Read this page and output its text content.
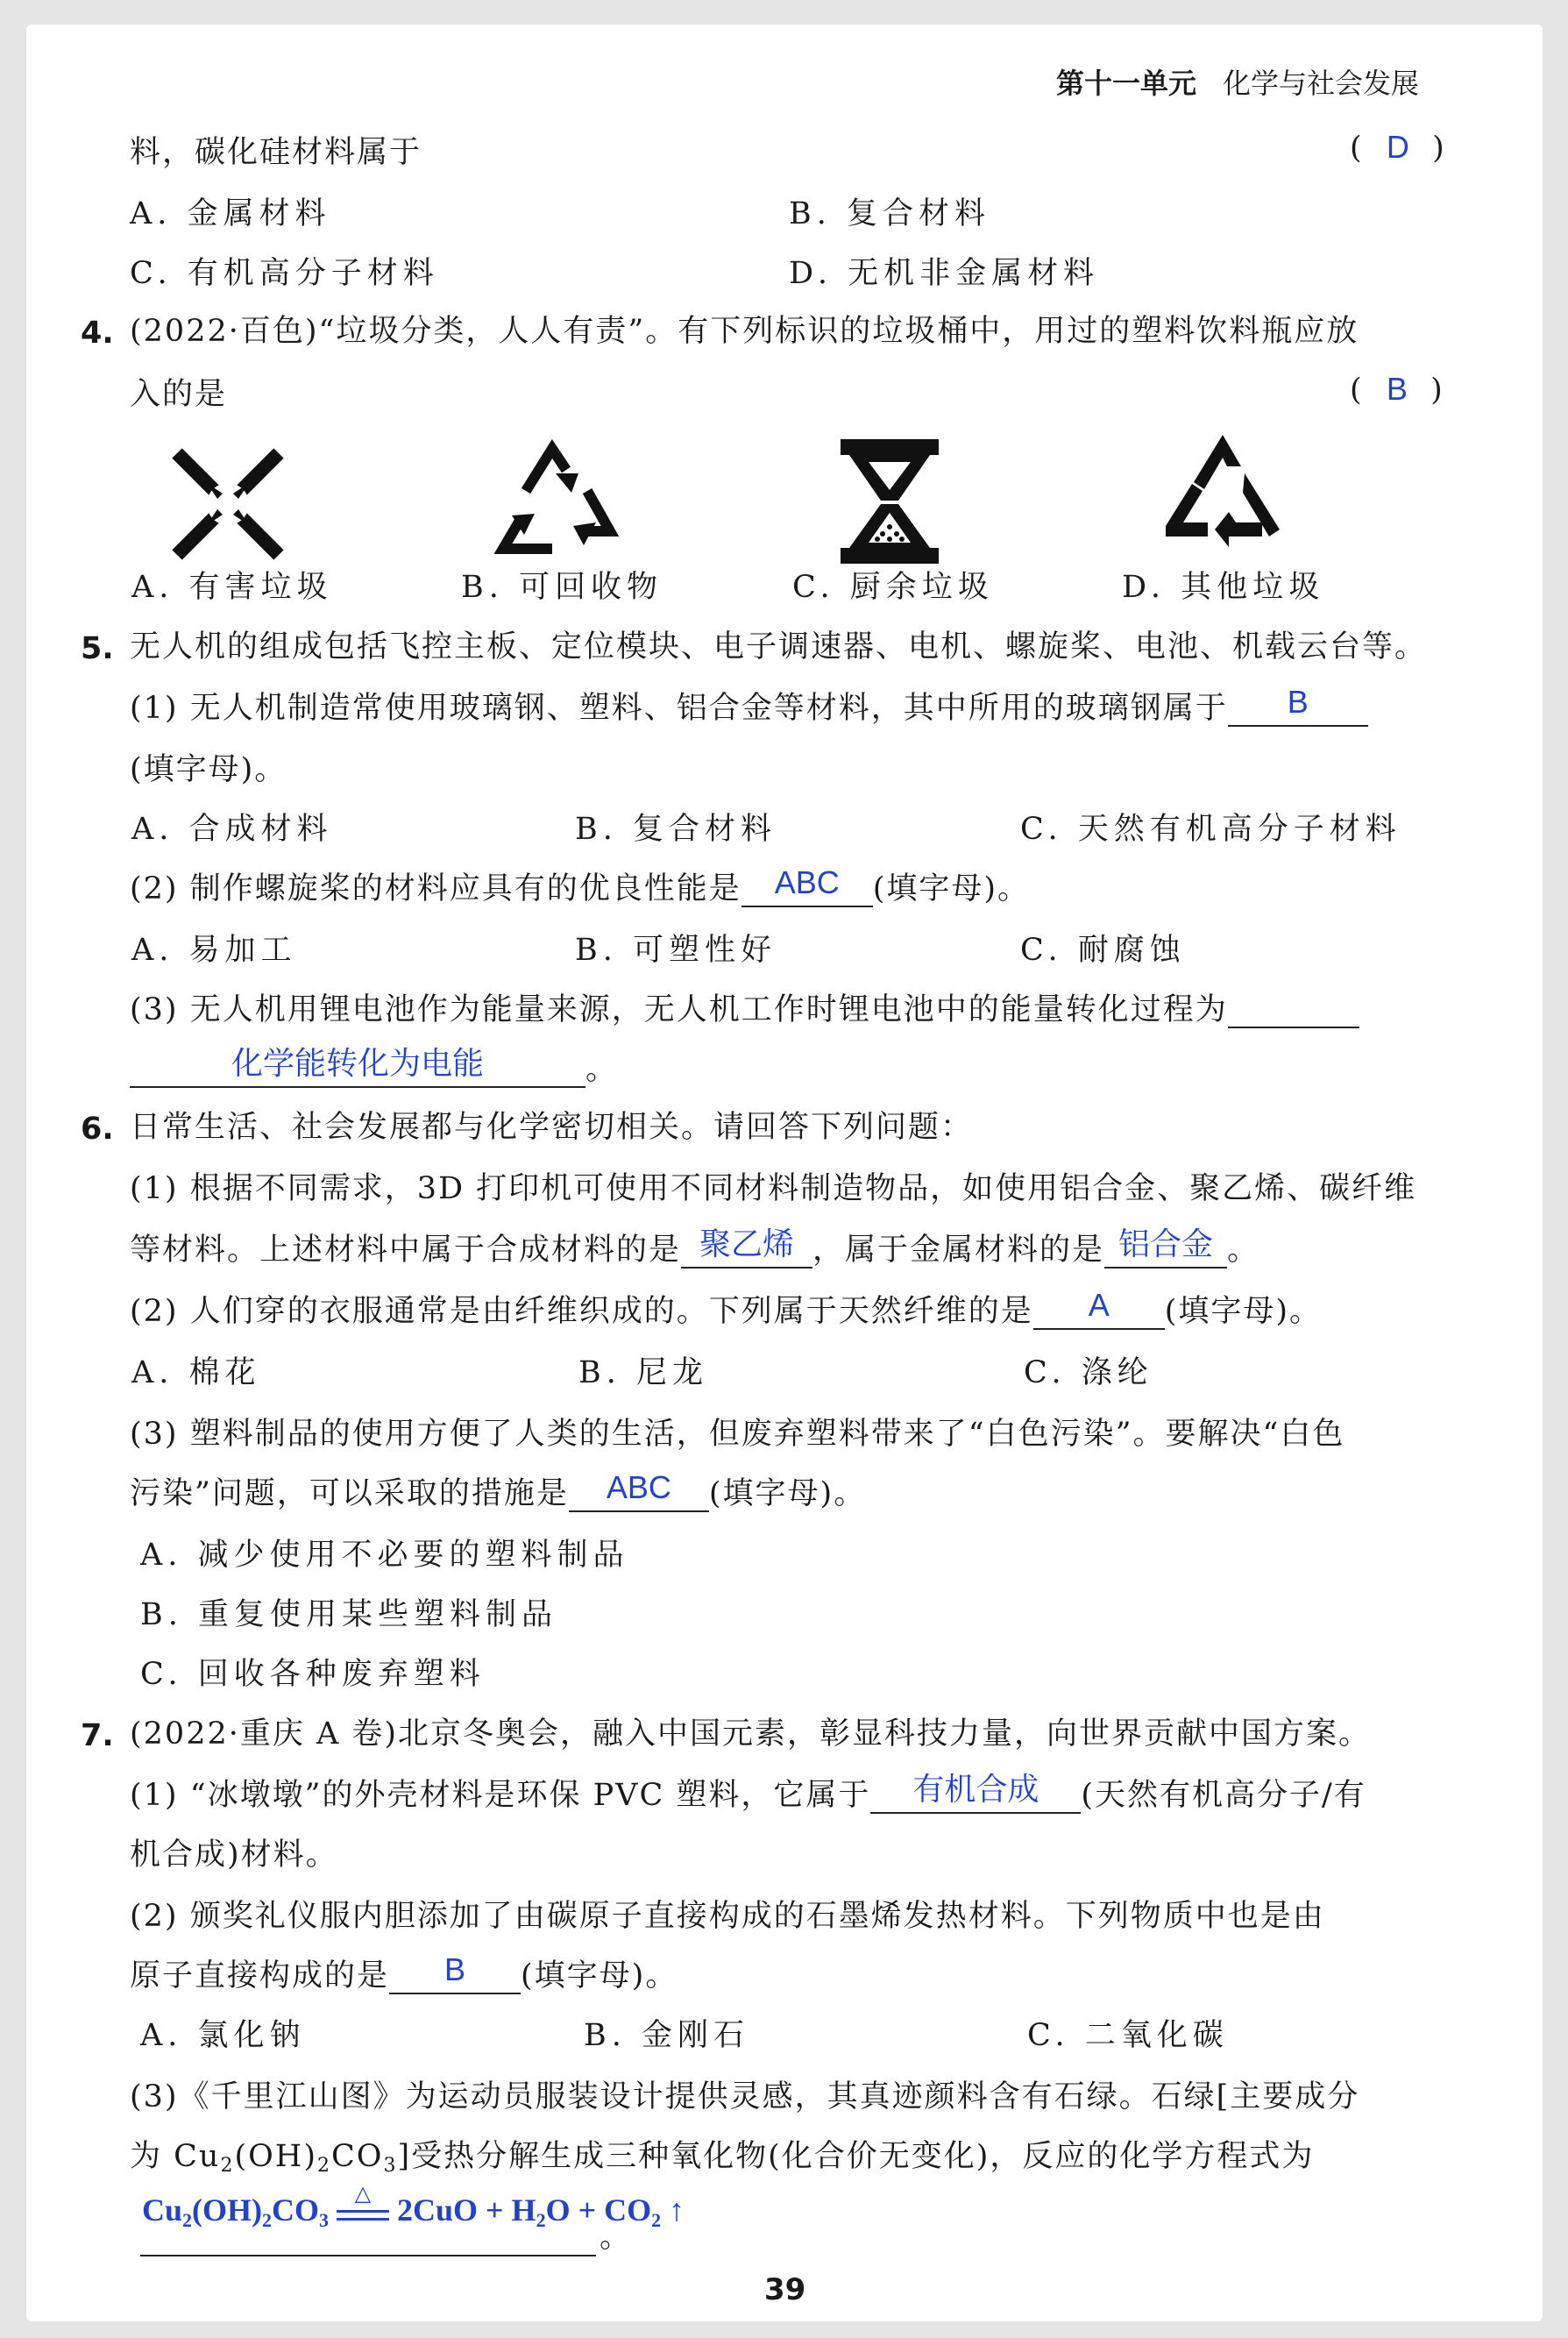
第十一单元 化学与社会发展
料，碳化硅材料属于	(  D  )
A. 金属材料	B. 复合材料
C. 有机高分子材料	D. 无机非金属材料
4. (2022·百色)“垃圾分类，人人有责”。有下列标识的垃圾桶中，用过的塑料饮料瓶应放
入的是	(  B  )
A. 有害垃圾	B. 可回收物	C. 厨余垃圾	D. 其他垃圾
5. 无人机的组成包括飞控主板、定位模块、电子调速器、电机、螺旋桨、电池、机载云台等。
(1) 无人机制造常使用玻璃钢、塑料、铝合金等材料，其中所用的玻璃钢属于 B
(填字母)。
A. 合成材料	B. 复合材料	C. 天然有机高分子材料
(2) 制作螺旋桨的材料应具有的优良性能是 ABC (填字母)。
A. 易加工	B. 可塑性好	C. 耐腐蚀
(3) 无人机用锂电池作为能量来源，无人机工作时锂电池中的能量转化过程为
化学能转化为电能	。
6. 日常生活、社会发展都与化学密切相关。请回答下列问题：
(1) 根据不同需求，3D 打印机可使用不同材料制造物品，如使用铝合金、聚乙烯、碳纤维
等材料。上述材料中属于合成材料的是 聚乙烯 ，属于金属材料的是 铝合金 。
(2) 人们穿的衣服通常是由纤维织成的。下列属于天然纤维的是 A (填字母)。
A. 棉花	B. 尼龙	C. 涤纶
(3) 塑料制品的使用方便了人类的生活，但废弃塑料带来了“白色污染”。要解决“白色
污染”问题，可以采取的措施是 ABC (填字母)。
A. 减少使用不必要的塑料制品
B. 重复使用某些塑料制品
C. 回收各种废弃塑料
7. (2022·重庆 A 卷)北京冬奥会，融入中国元素，彰显科技力量，向世界贡献中国方案。
(1) “冰墩墩”的外壳材料是环保 PVC 塑料，它属于 有机合成 (天然有机高分子/有
机合成)材料。
(2) 颁奖礼仪服内胆添加了由碳原子直接构成的石墨烯发热材料。下列物质中也是由
原子直接构成的是 B (填字母)。
A. 氯化钠	B. 金刚石	C. 二氧化碳
(3)《千里江山图》为运动员服装设计提供灵感，其真迹颜料含有石绿。石绿[主要成分
为 $Cu_2(OH)_2CO_3$]受热分解生成三种氧化物(化合价无变化)，反应的化学方程式为
Cu2(OH)2CO3
△ 2CuO + H2O + CO2 ↑
。
39
